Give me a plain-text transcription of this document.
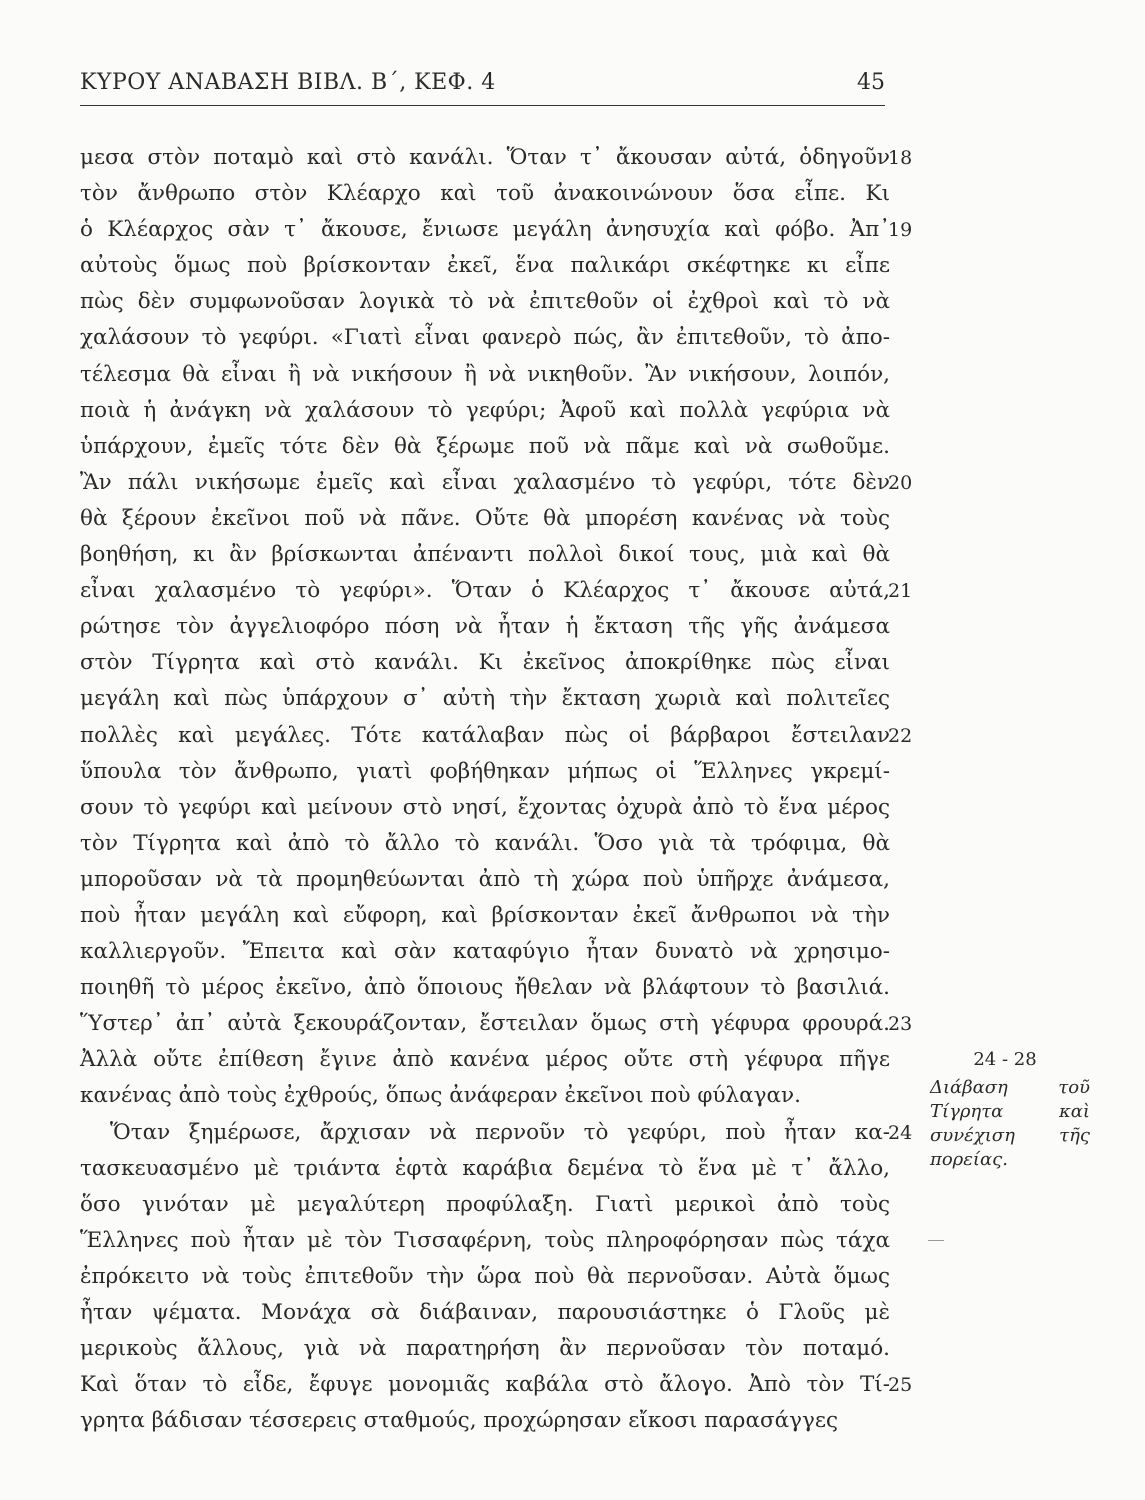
ΚΥΡΟΥ ΑΝΑΒΑΣΗ ΒΙΒΛ. Β΄, ΚΕΦ. 4	45
μεσα στὸν ποταμὸ καὶ στὸ κανάλι. Ὅταν τ᾿ ἄκουσαν αὐτά, ὁδηγοῦν
τὸν ἄνθρωπο στὸν Κλέαρχο καὶ τοῦ ἀνακοινώνουν ὅσα εἶπε. Κι
ὁ Κλέαρχος σὰν τ᾿ ἄκουσε, ἔνιωσε μεγάλη ἀνησυχία καὶ φόβο. Ἀπ᾿
αὐτοὺς ὅμως ποὺ βρίσκονταν ἐκεῖ, ἕνα παλικάρι σκέφτηκε κι εἶπε
πὼς δὲν συμφωνοῦσαν λογικὰ τὸ νὰ ἐπιτεθοῦν οἱ ἐχθροὶ καὶ τὸ νὰ
χαλάσουν τὸ γεφύρι. «Γιατὶ εἶναι φανερὸ πώς, ἂν ἐπιτεθοῦν, τὸ ἀπο-
τέλεσμα θὰ εἶναι ἢ νὰ νικήσουν ἢ νὰ νικηθοῦν. Ἂν νικήσουν, λοιπόν,
ποιὰ ἡ ἀνάγκη νὰ χαλάσουν τὸ γεφύρι; Ἀφοῦ καὶ πολλὰ γεφύρια νὰ
ὑπάρχουν, ἐμεῖς τότε δὲν θὰ ξέρωμε ποῦ νὰ πᾶμε καὶ νὰ σωθοῦμε.
Ἂν πάλι νικήσωμε ἐμεῖς καὶ εἶναι χαλασμένο τὸ γεφύρι, τότε δὲν
θὰ ξέρουν ἐκεῖνοι ποῦ νὰ πᾶνε. Οὔτε θὰ μπορέση κανένας νὰ τοὺς
βοηθήση, κι ἂν βρίσκωνται ἀπέναντι πολλοὶ δικοί τους, μιὰ καὶ θὰ
εἶναι χαλασμένο τὸ γεφύρι». Ὅταν ὁ Κλέαρχος τ᾿ ἄκουσε αὐτά,
ρώτησε τὸν ἀγγελιοφόρο πόση νὰ ἦταν ἡ ἔκταση τῆς γῆς ἀνάμεσα
στὸν Τίγρητα καὶ στὸ κανάλι. Κι ἐκεῖνος ἀποκρίθηκε πὼς εἶναι
μεγάλη καὶ πὼς ὑπάρχουν σ᾿ αὐτὴ τὴν ἔκταση χωριὰ καὶ πολιτεῖες
πολλὲς καὶ μεγάλες. Τότε κατάλαβαν πὼς οἱ βάρβαροι ἔστειλαν
ὕπουλα τὸν ἄνθρωπο, γιατὶ φοβήθηκαν μήπως οἱ Ἕλληνες γκρεμί-
σουν τὸ γεφύρι καὶ μείνουν στὸ νησί, ἔχοντας ὀχυρὰ ἀπὸ τὸ ἕνα μέρος
τὸν Τίγρητα καὶ ἀπὸ τὸ ἄλλο τὸ κανάλι. Ὅσο γιὰ τὰ τρόφιμα, θὰ
μποροῦσαν νὰ τὰ προμηθεύωνται ἀπὸ τὴ χώρα ποὺ ὑπῆρχε ἀνάμεσα,
ποὺ ἦταν μεγάλη καὶ εὔφορη, καὶ βρίσκονταν ἐκεῖ ἄνθρωποι νὰ τὴν
καλλιεργοῦν. Ἔπειτα καὶ σὰν καταφύγιο ἦταν δυνατὸ νὰ χρησιμο-
ποιηθῆ τὸ μέρος ἐκεῖνο, ἀπὸ ὅποιους ἤθελαν νὰ βλάφτουν τὸ βασιλιά.
Ὕστερ᾿ ἀπ᾿ αὐτὰ ξεκουράζονταν, ἔστειλαν ὅμως στὴ γέφυρα φρουρά.
Ἀλλὰ οὔτε ἐπίθεση ἔγινε ἀπὸ κανένα μέρος οὔτε στὴ γέφυρα πῆγε
κανένας ἀπὸ τοὺς ἐχθρούς, ὅπως ἀνάφεραν ἐκεῖνοι ποὺ φύλαγαν.
Ὅταν ξημέρωσε, ἄρχισαν νὰ περνοῦν τὸ γεφύρι, ποὺ ἦταν κα-
τασκευασμένο μὲ τριάντα ἑφτὰ καράβια δεμένα τὸ ἕνα μὲ τ᾿ ἄλλο,
ὅσο γινόταν μὲ μεγαλύτερη προφύλαξη. Γιατὶ μερικοὶ ἀπὸ τοὺς
Ἕλληνες ποὺ ἦταν μὲ τὸν Τισσαφέρνη, τοὺς πληροφόρησαν πὼς τάχα
ἐπρόκειτο νὰ τοὺς ἐπιτεθοῦν τὴν ὥρα ποὺ θὰ περνοῦσαν. Αὐτὰ ὅμως
ἦταν ψέματα. Μονάχα σὰ διάβαιναν, παρουσιάστηκε ὁ Γλοῦς μὲ
μερικοὺς ἄλλους, γιὰ νὰ παρατηρήση ἂν περνοῦσαν τὸν ποταμό.
Καὶ ὅταν τὸ εἶδε, ἔφυγε μονομιᾶς καβάλα στὸ ἄλογο. Ἀπὸ τὸν Τί-
γρητα βάδισαν τέσσερεις σταθμούς, προχώρησαν εἴκοσι παρασάγγες
18
19
20
21
22
23
24
25
24 - 28
Διάβαση τοῦ
Τίγρητα καὶ
συνέχιση τῆς
πορείας.
